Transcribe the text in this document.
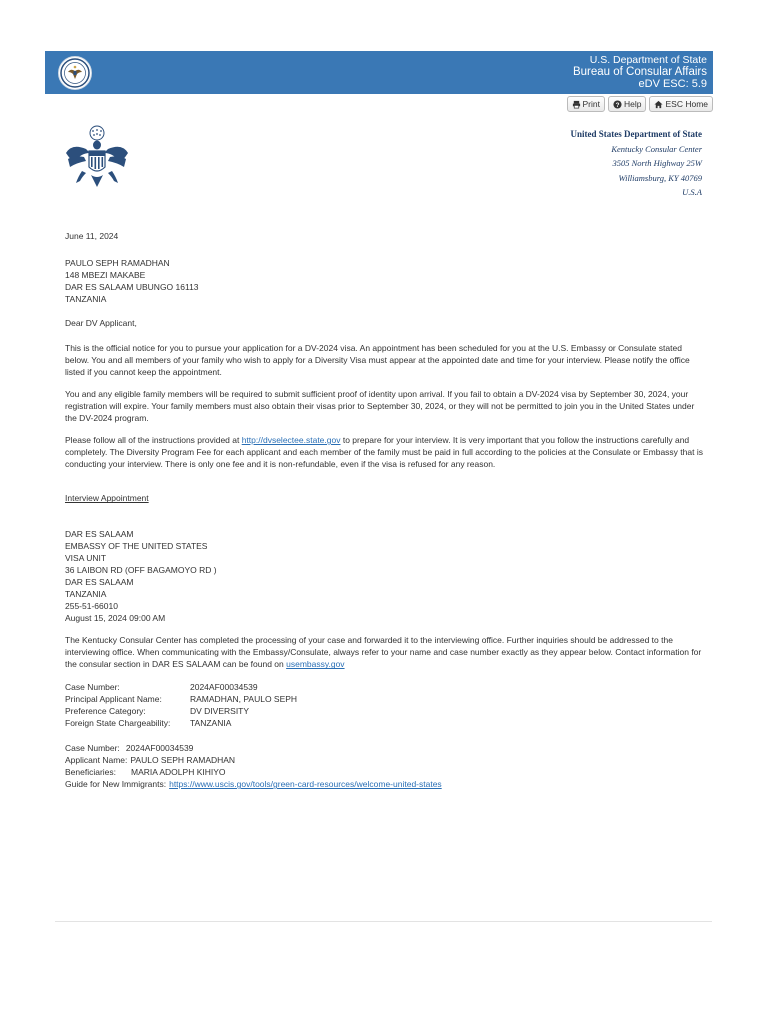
U.S. Department of State
Bureau of Consular Affairs
eDV ESC: 5.9
Print ? Help	ESC Home
United States Department of State
Kentucky Consular Center
3505 North Highway 25W
Williamsburg, KY 40769
U.S.A

June 11, 2024

PAULO SEPH RAMADHAN

148 MBEZI MAKABE

DAR ES SALAAM UBUNGO 16113

TANZANIA

Dear DV Applicant,

This is the official notice for you to pursue your application for a DV-2024 visa. An appointment has been scheduled for you at the U.S. Embassy or Consulate stated below. You and all members of your family who wish to apply for a Diversity Visa must appear at the appointed date and time for your interview. Please notify the office listed if you cannot keep the appointment.

You and any eligible family members will be required to submit sufficient proof of identity upon arrival. If you fail to obtain a DV-2024 visa by September 30, 2024, your registration will expire. Your family members must also obtain their visas prior to September 30, 2024, or they will not be permitted to join you in the United States under the DV-2024 program.

Please follow all of the instructions provided at http://dvselectee.state.gov to prepare for your interview. It is very important that you follow the instructions carefully and completely. The Diversity Program Fee for each applicant and each member of the family must be paid in full according to the policies at the Consulate or Embassy that is conducting your interview. There is only one fee and it is non-refundable, even if the visa is refused for any reason.

Interview Appointment

DAR ES SALAAM

EMBASSY OF THE UNITED STATES

VISA UNIT

36 LAIBON RD (OFF BAGAMOYO RD )

DAR ES SALAAM

TANZANIA

255-51-66010

August 15, 2024 09:00 AM

The Kentucky Consular Center has completed the processing of your case and forwarded it to the interviewing office. Further inquiries should be addressed to the interviewing office. When communicating with the Embassy/Consulate, always refer to your name and case number exactly as they appear below. Contact information for the consular section in DAR ES SALAAM can be found on usembassy.gov

Case Number:	2024AF00034539
Principal Applicant Name:	RAMADHAN, PAULO SEPH
Preference Category:	DV DIVERSITY
Foreign State Chargeability:	TANZANIA
Case Number: 2024AF00034539
Applicant Name: PAULO SEPH RAMADHAN
Beneficiaries: MARIA ADOLPH KIHIYO
Guide for New Immigrants: https://www.uscis.gov/tools/green-card-resources/welcome-united-states
